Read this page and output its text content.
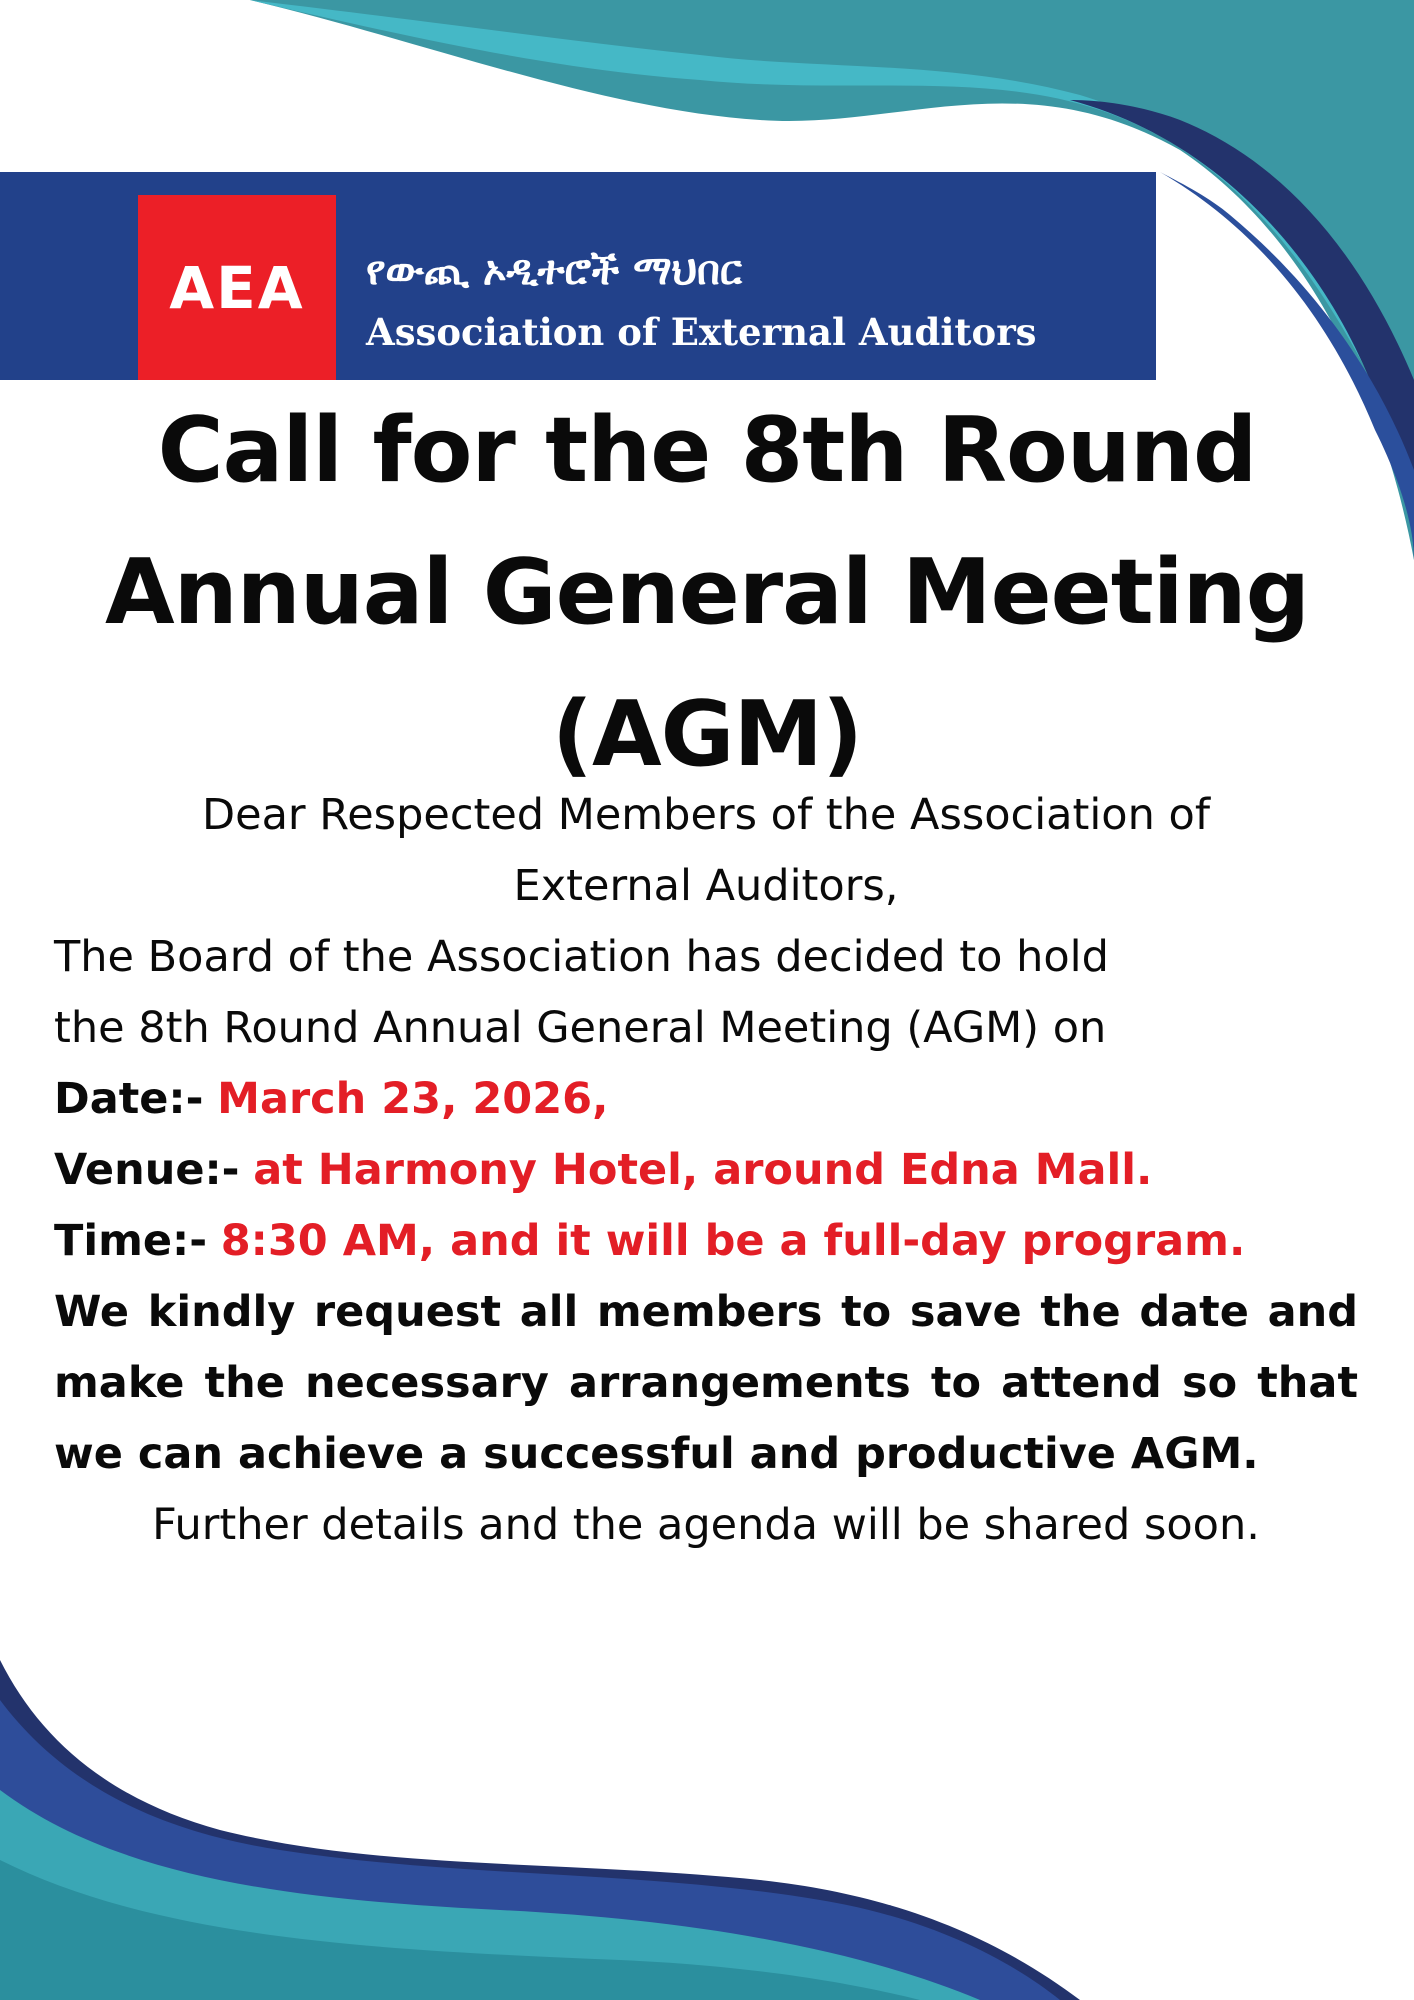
AEA የውጪ ኦዲተሮች ማህበር
Association of External Auditors
Call for the 8th Round
Annual General Meeting
(AGM)
Dear Respected Members of the Association of
External Auditors,
The Board of the Association has decided to hold
the 8th Round Annual General Meeting (AGM) on
Date:- March 23, 2026,
Venue:- at Harmony Hotel, around Edna Mall.
Time:- 8:30 AM, and it will be a full-day program.
We kindly request all members to save the date and make the necessary arrangements to attend so that we can achieve a successful and productive AGM.
Further details and the agenda will be shared soon.
